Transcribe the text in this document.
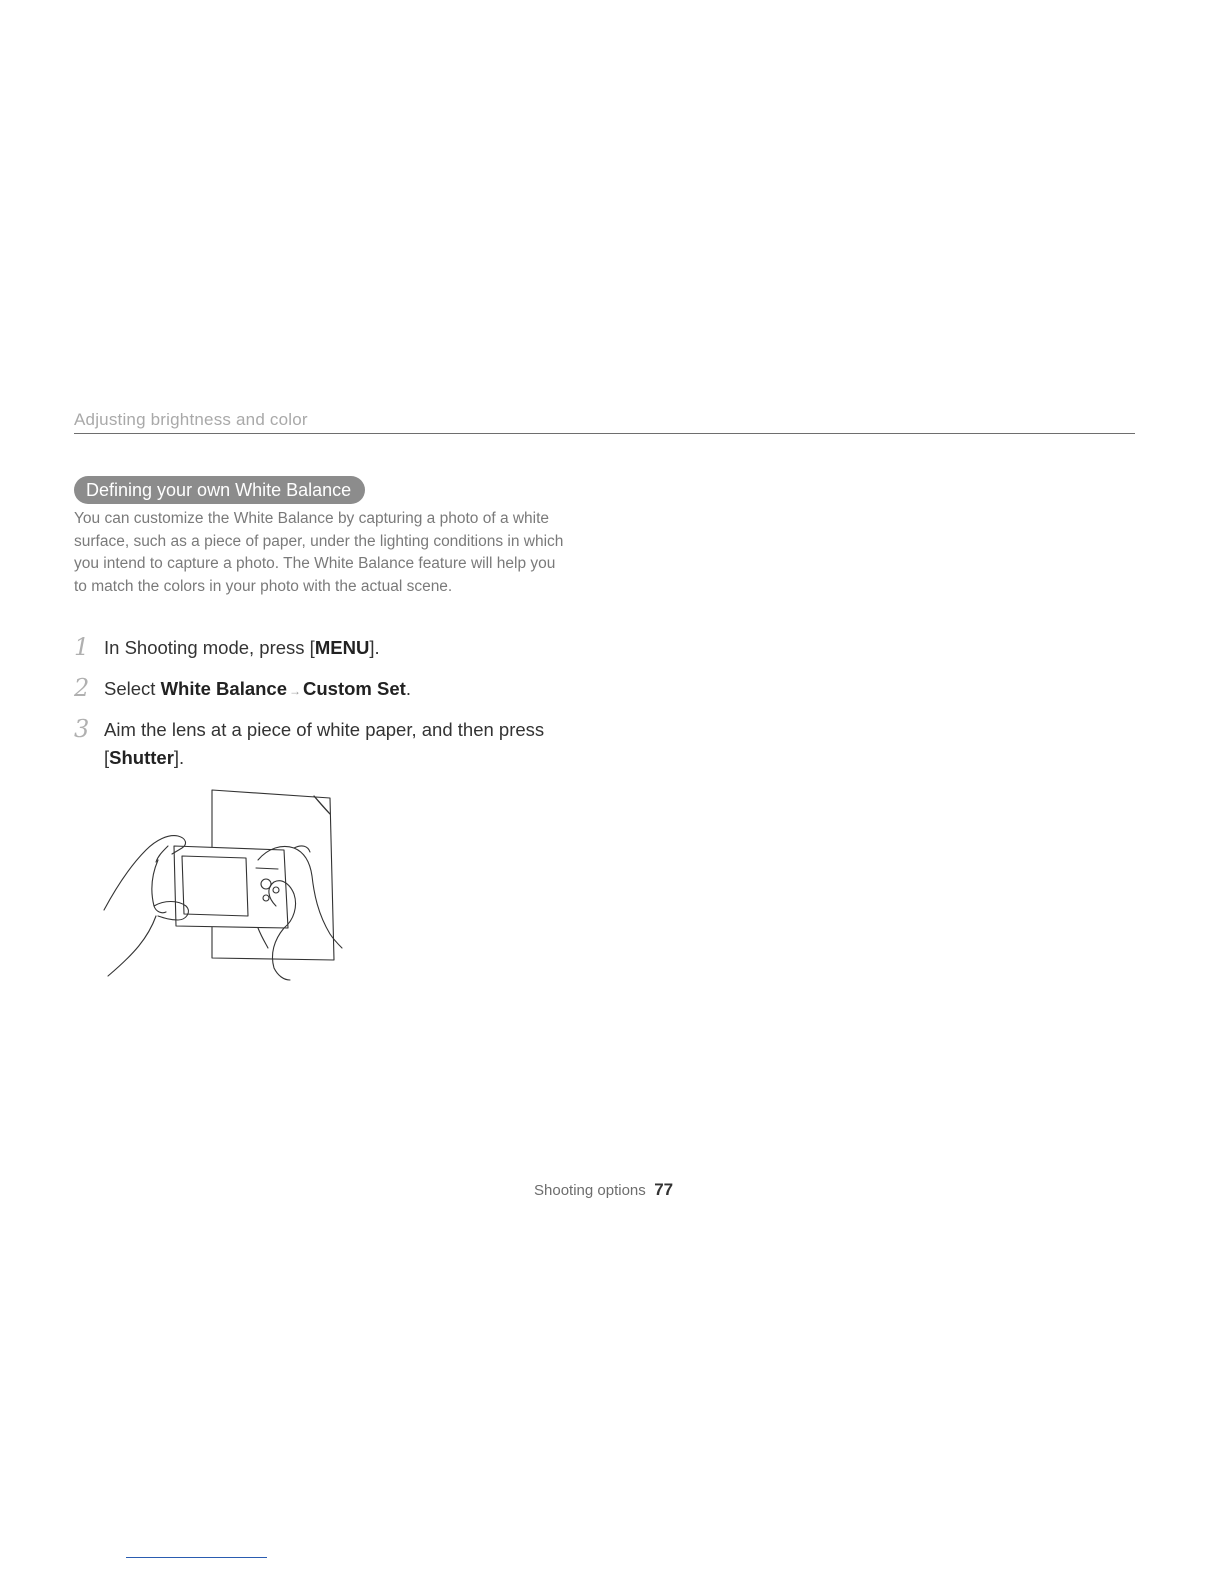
Adjusting brightness and color
Defining your own White Balance

You can customize the White Balance by capturing a photo of a white surface, such as a piece of paper, under the lighting conditions in which you intend to capture a photo. The White Balance feature will help you to match the colors in your photo with the actual scene.

1 In Shooting mode, press [MENU].
2 Select White Balance → Custom Set.
3 Aim the lens at a piece of white paper, and then press [Shutter].
Shooting options 77
